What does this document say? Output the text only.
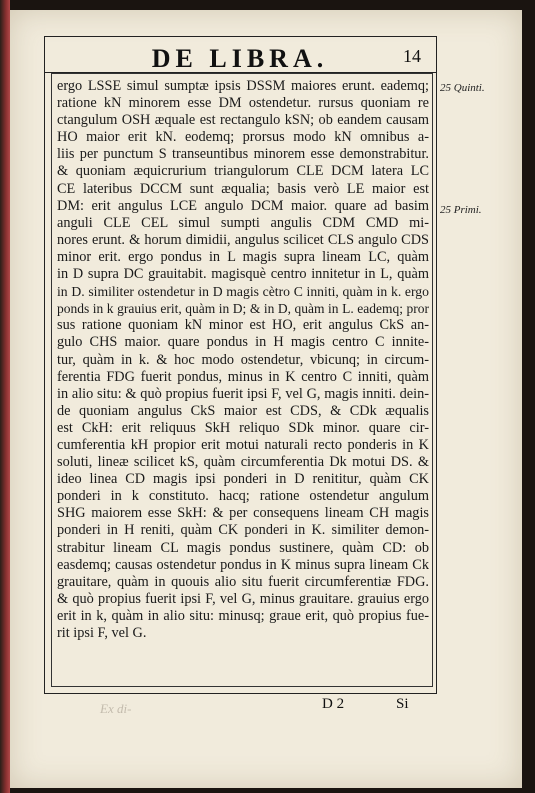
DE LIBRA.	14
25 Quinti.
25 Primi.
ergo LSSE simul sumptæ ipsis DSSM maiores erunt. eademq;
ratione kN minorem esse DM ostendetur. rursus quoniam re
ctangulum OSH æquale est rectangulo kSN; ob eandem causam
HO maior erit kN. eodemq; prorsus modo kN omnibus a-
liis per punctum S transeuntibus minorem esse demonstrabitur.
& quoniam æquicrurium triangulorum CLE DCM latera LC
CE lateribus DCCM sunt æqualia; basis verò LE maior est
DM: erit angulus LCE angulo DCM maior. quare ad basim
anguli CLE CEL simul sumpti angulis CDM CMD mi-
nores erunt. & horum dimidii, angulus scilicet CLS angulo CDS
minor erit. ergo pondus in L magis supra lineam LC, quàm
in D supra DC grauitabit. magisquè centro innitetur in L, quàm
in D. similiter ostendetur in D magis cètro C inniti, quàm in k. ergo
ponds in k grauius erit, quàm in D; & in D, quàm in L. eademq; pror
sus ratione quoniam kN minor est HO, erit angulus CkS an-
gulo CHS maior. quare pondus in H magis centro C innite-
tur, quàm in k. & hoc modo ostendetur, vbicunq; in circum-
ferentia FDG fuerit pondus, minus in K centro C inniti, quàm
in alio situ: & quò propius fuerit ipsi F, vel G, magis inniti. dein-
de quoniam angulus CkS maior est CDS, & CDk æqualis
est CkH: erit reliquus SkH reliquo SDk minor. quare cir-
cumferentia kH propior erit motui naturali recto ponderis in K
soluti, lineæ scilicet kS, quàm circumferentia Dk motui DS. &
ideo linea CD magis ipsi ponderi in D renititur, quàm CK
ponderi in k constituto. hacq; ratione ostendetur angulum
SHG maiorem esse SkH: & per consequens lineam CH magis
ponderi in H reniti, quàm CK ponderi in K. similiter demon-
strabitur lineam CL magis pondus sustinere, quàm CD: ob
easdemq; causas ostendetur pondus in K minus supra lineam Ck
grauitare, quàm in quouis alio situ fuerit circumferentiæ FDG.
& quò propius fuerit ipsi F, vel G, minus grauitare. grauius ergo
erit in k, quàm in alio situ: minusq; graue erit, quò propius fue-
rit ipsi F, vel G.
Ex di-	D 2	Si
